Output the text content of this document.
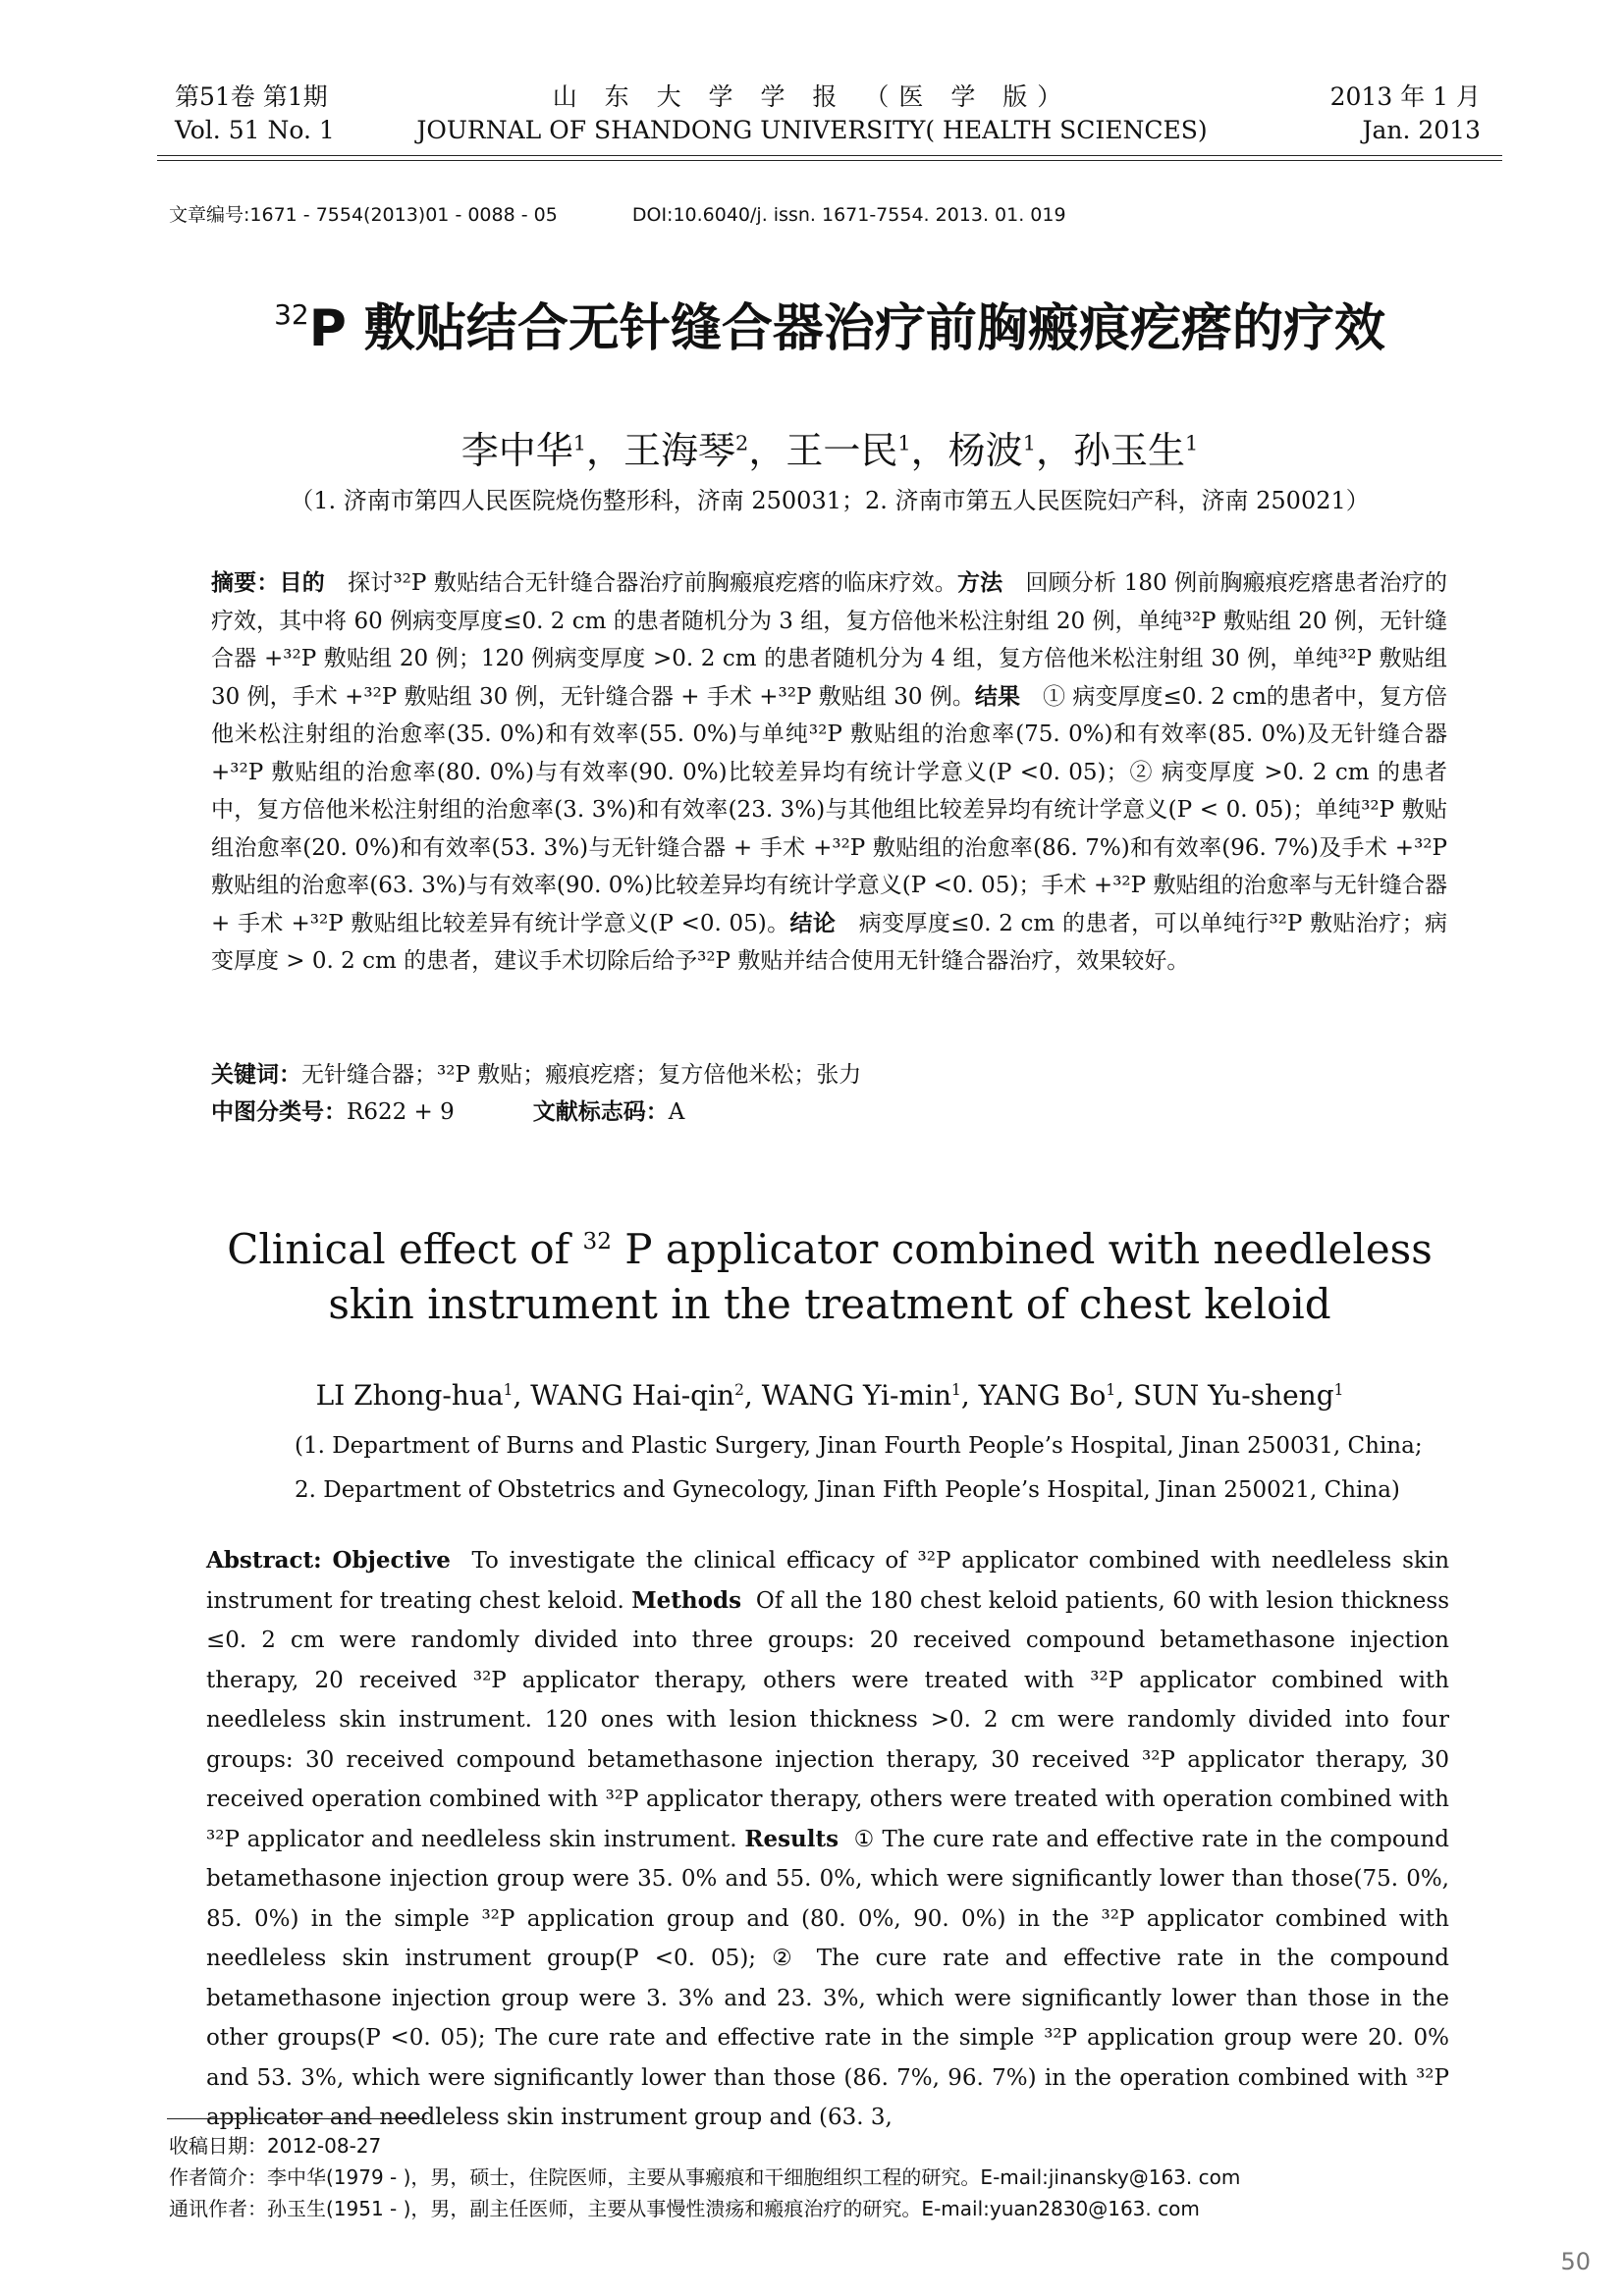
第51卷 第1期
Vol. 51 No. 1
山 东 大 学 学 报 （医 学 版）
JOURNAL OF SHANDONG UNIVERSITY( HEALTH SCIENCES)
2013 年 1 月
Jan. 2013
文章编号:1671 - 7554(2013)01 - 0088 - 05	DOI:10.6040/j. issn. 1671-7554. 2013. 01. 019
$^{32}$P 敷贴结合无针缝合器治疗前胸瘢痕疙瘩的疗效
李中华$^1$，王海琴$^2$，王一民$^1$，杨波$^1$，孙玉生$^1$
（1. 济南市第四人民医院烧伤整形科，济南 250031；2. 济南市第五人民医院妇产科，济南 250021）
摘要：目的　 探讨³²P 敷贴结合无针缝合器治疗前胸瘢痕疙瘩的临床疗效。方法　 回顾分析 180 例前胸瘢痕疙瘩患者治疗的疗效，其中将 60 例病变厚度≤0. 2 cm 的患者随机分为 3 组，复方倍他米松注射组 20 例，单纯³²P 敷贴组 20 例，无针缝合器 +³²P 敷贴组 20 例；120 例病变厚度 >0. 2 cm 的患者随机分为 4 组，复方倍他米松注射组 30 例，单纯³²P 敷贴组 30 例，手术 +³²P 敷贴组 30 例，无针缝合器 + 手术 +³²P 敷贴组 30 例。结果　 ① 病变厚度≤0. 2 cm的患者中，复方倍他米松注射组的治愈率(35. 0%)和有效率(55. 0%)与单纯³²P 敷贴组的治愈率(75. 0%)和有效率(85. 0%)及无针缝合器 +³²P 敷贴组的治愈率(80. 0%)与有效率(90. 0%)比较差异均有统计学意义(P <0. 05)；② 病变厚度 >0. 2 cm 的患者中，复方倍他米松注射组的治愈率(3. 3%)和有效率(23. 3%)与其他组比较差异均有统计学意义(P < 0. 05)；单纯³²P 敷贴组治愈率(20. 0%)和有效率(53. 3%)与无针缝合器 + 手术 +³²P 敷贴组的治愈率(86. 7%)和有效率(96. 7%)及手术 +³²P 敷贴组的治愈率(63. 3%)与有效率(90. 0%)比较差异均有统计学意义(P <0. 05)；手术 +³²P 敷贴组的治愈率与无针缝合器 + 手术 +³²P 敷贴组比较差异有统计学意义(P <0. 05)。结论　 病变厚度≤0. 2 cm 的患者，可以单纯行³²P 敷贴治疗；病变厚度 > 0. 2 cm 的患者，建议手术切除后给予³²P 敷贴并结合使用无针缝合器治疗，效果较好。
关键词：无针缝合器；³²P 敷贴；瘢痕疙瘩；复方倍他米松；张力
中图分类号：R622 + 9	文献标志码：A
Clinical effect of $^{32}$ P applicator combined with needleless
skin instrument in the treatment of chest keloid
LI Zhong-hua$^1$, WANG Hai-qin$^2$, WANG $Yi-\min^1$, YANG Bo$^1$, SUN Yu-sheng$^1$
(1. Department of Burns and Plastic Surgery, Jinan Fourth People’s Hospital, Jinan 250031, China;
2. Department of Obstetrics and Gynecology, Jinan Fifth People’s Hospital, Jinan 250021, China)
Abstract: Objective To investigate the clinical efficacy of ³²P applicator combined with needleless skin instrument for treating chest keloid. Methods Of all the 180 chest keloid patients, 60 with lesion thickness ≤0. 2 cm were randomly divided into three groups: 20 received compound betamethasone injection therapy, 20 received ³²P applicator therapy, others were treated with ³²P applicator combined with needleless skin instrument. 120 ones with lesion thickness >0. 2 cm were randomly divided into four groups: 30 received compound betamethasone injection therapy, 30 received ³²P applicator therapy, 30 received operation combined with ³²P applicator therapy, others were treated with operation combined with ³²P applicator and needleless skin instrument. Results ① The cure rate and effective rate in the compound betamethasone injection group were 35. 0% and 55. 0%, which were significantly lower than those(75. 0%, 85. 0%) in the simple ³²P application group and (80. 0%, 90. 0%) in the ³²P applicator combined with needleless skin instrument group(P <0. 05); ② The cure rate and effective rate in the compound betamethasone injection group were 3. 3% and 23. 3%, which were significantly lower than those in the other groups(P <0. 05); The cure rate and effective rate in the simple ³²P application group were 20. 0% and 53. 3%, which were significantly lower than those (86. 7%, 96. 7%) in the operation combined with ³²P applicator and needleless skin instrument group and (63. 3,
收稿日期：2012-08-27
作者简介：李中华(1979 - )，男，硕士，住院医师，主要从事瘢痕和干细胞组织工程的研究。E-mail:jinansky@163. com
通讯作者：孙玉生(1951 - )，男，副主任医师，主要从事慢性溃疡和瘢痕治疗的研究。E-mail:yuan2830@163. com
50
